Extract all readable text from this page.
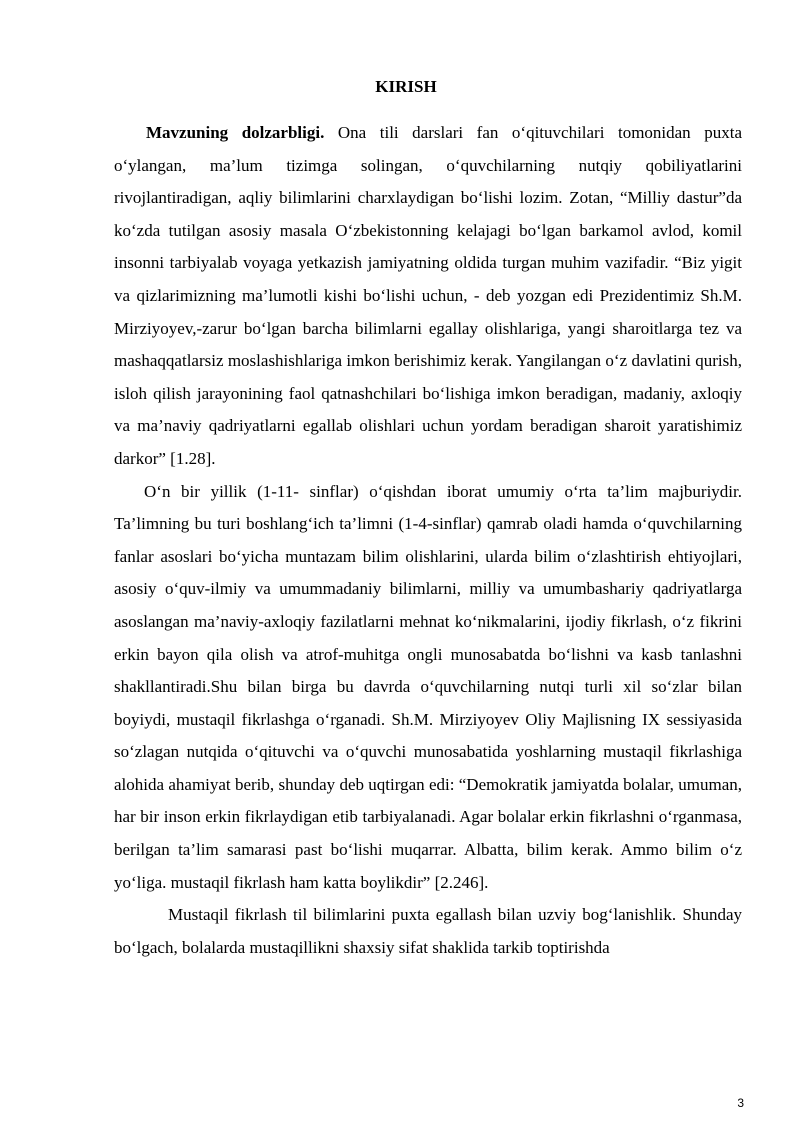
KIRISH

Mavzuning dolzarbligi. Ona tili darslari fan o‘qituvchilari tomonidan puxta o‘ylangan, ma’lum tizimga solingan, o‘quvchilarning nutqiy qobiliyatlarini rivojlantiradigan, aqliy bilimlarini charxlaydigan bo‘lishi lozim. Zotan, “Milliy dastur”da ko‘zda tutilgan asosiy masala O‘zbekistonning kelajagi bo‘lgan barkamol avlod, komil insonni tarbiyalab voyaga yetkazish jamiyatning oldida turgan muhim vazifadir. “Biz yigit va qizlarimizning ma’lumotli kishi bo‘lishi uchun, - deb yozgan edi Prezidentimiz Sh.M. Mirziyoyev,-zarur bo‘lgan barcha bilimlarni egallay olishlariga, yangi sharoitlarga tez va mashaqqatlarsiz moslashishlariga imkon berishimiz kerak. Yangilangan o‘z davlatini qurish, isloh qilish jarayonining faol qatnashchilari bo‘lishiga imkon beradigan, madaniy, axloqiy va ma’naviy qadriyatlarni egallab olishlari uchun yordam beradigan sharoit yaratishimiz darkor” [1.28].

O‘n bir yillik (1-11- sinflar) o‘qishdan iborat umumiy o‘rta ta’lim majburiydir. Ta’limning bu turi boshlang‘ich ta’limni (1-4-sinflar) qamrab oladi hamda o‘quvchilarning fanlar asoslari bo‘yicha muntazam bilim olishlarini, ularda bilim o‘zlashtirish ehtiyojlari, asosiy o‘quv-ilmiy va umummadaniy bilimlarni, milliy va umumbashariy qadriyatlarga asoslangan ma’naviy-axloqiy fazilatlarni mehnat ko‘nikmalarini, ijodiy fikrlash, o‘z fikrini erkin bayon qila olish va atrof-muhitga ongli munosabatda bo‘lishni va kasb tanlashni shakllantiradi.Shu bilan birga bu davrda o‘quvchilarning nutqi turli xil so‘zlar bilan boyiydi, mustaqil fikrlashga o‘rganadi. Sh.M. Mirziyoyev Oliy Majlisning IX sessiyasida so‘zlagan nutqida o‘qituvchi va o‘quvchi munosabatida yoshlarning mustaqil fikrlashiga alohida ahamiyat berib, shunday deb uqtirgan edi: “Demokratik jamiyatda bolalar, umuman, har bir inson erkin fikrlaydigan etib tarbiyalanadi. Agar bolalar erkin fikrlashni o‘rganmasa, berilgan ta’lim samarasi past bo‘lishi muqarrar. Albatta, bilim kerak. Ammo bilim o‘z yo‘liga. mustaqil fikrlash ham katta boylikdir” [2.246].

Mustaqil fikrlash til bilimlarini puxta egallash bilan uzviy bog‘lanishlik. Shunday bo‘lgach, bolalarda mustaqillikni shaxsiy sifat shaklida tarkib toptirishda

3
